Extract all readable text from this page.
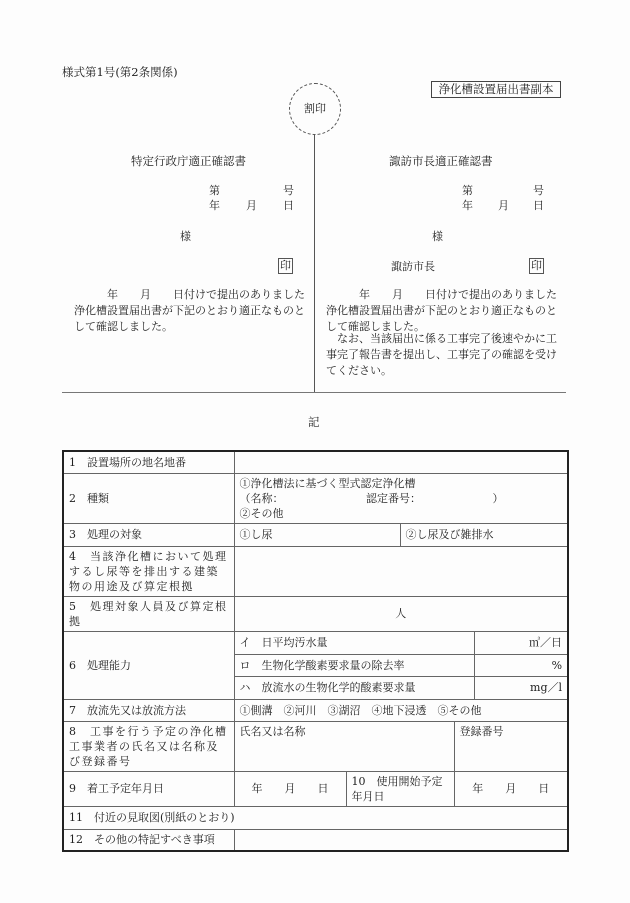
様式第1号(第2条関係)
浄化槽設置届出書副本
割印
特定行政庁適正確認書
第	号
年 月 日
様
印
　　　年　　月　　日付けで提出のありました浄化槽設置届出書が下記のとおり適正なものとして確認しました。
諏訪市長適正確認書
第	号
年 月 日
様
諏訪市長	印
　　　年　　月　　日付けで提出のありました浄化槽設置届出書が下記のとおり適正なものとして確認しました。
　なお、当該届出に係る工事完了後速やかに工事完了報告書を提出し、工事完了の確認を受けてください。
記
1　設置場所の地名地番					
2　種類	①浄化槽法に基づく型式認定浄化槽
（名称：　　　　　　　　認定番号：　　　　　　　）
②その他				

3　処理の対象	①し尿		②し尿及び雑排水		
4　当該浄化槽において処理するし尿等を排出する建築物の用途及び算定根拠					
5　処理対象人員及び算定根拠	人				
6　処理能力	イ　日平均汚水量				㎥／日
	ロ　生物化学酸素要求量の除去率				%
	ハ　放流水の生物化学的酸素要求量				mg／l
7　放流先又は放流方法	①側溝　②河川　③湖沼　④地下浸透　⑤その他				
8　工事を行う予定の浄化槽工事業者の氏名又は名称及び登録番号	氏名又は名称			登録番号	
9　着工予定年月日	年　　月　　日	10　使用開始予定年月日		年　　月　　日	
11　付近の見取図(別紙のとおり)					
12　その他の特記すべき事項					
